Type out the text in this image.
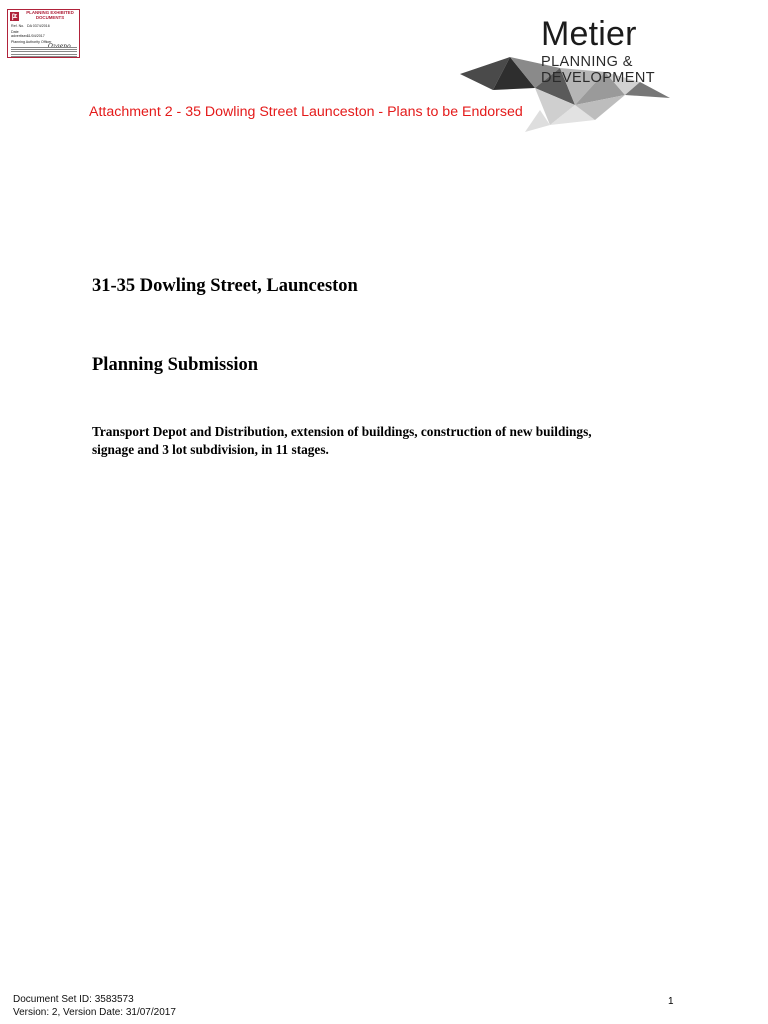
PLANNING EXHIBITED
DOCUMENTS
Ref. No. DA 0374/2016
Date
advertised11/04/2017
Planning Authority Officer	Metier
PLANNING &
DEVELOPMENT
Attachment 2 - 35 Dowling Street Launceston - Plans to be Endorsed
31-35 Dowling Street, Launceston
Planning Submission
Transport Depot and Distribution, extension of buildings, construction of new buildings,
signage and 3 lot subdivision, in 11 stages.
Document Set ID: 3583573
Version: 2, Version Date: 31/07/2017
1
